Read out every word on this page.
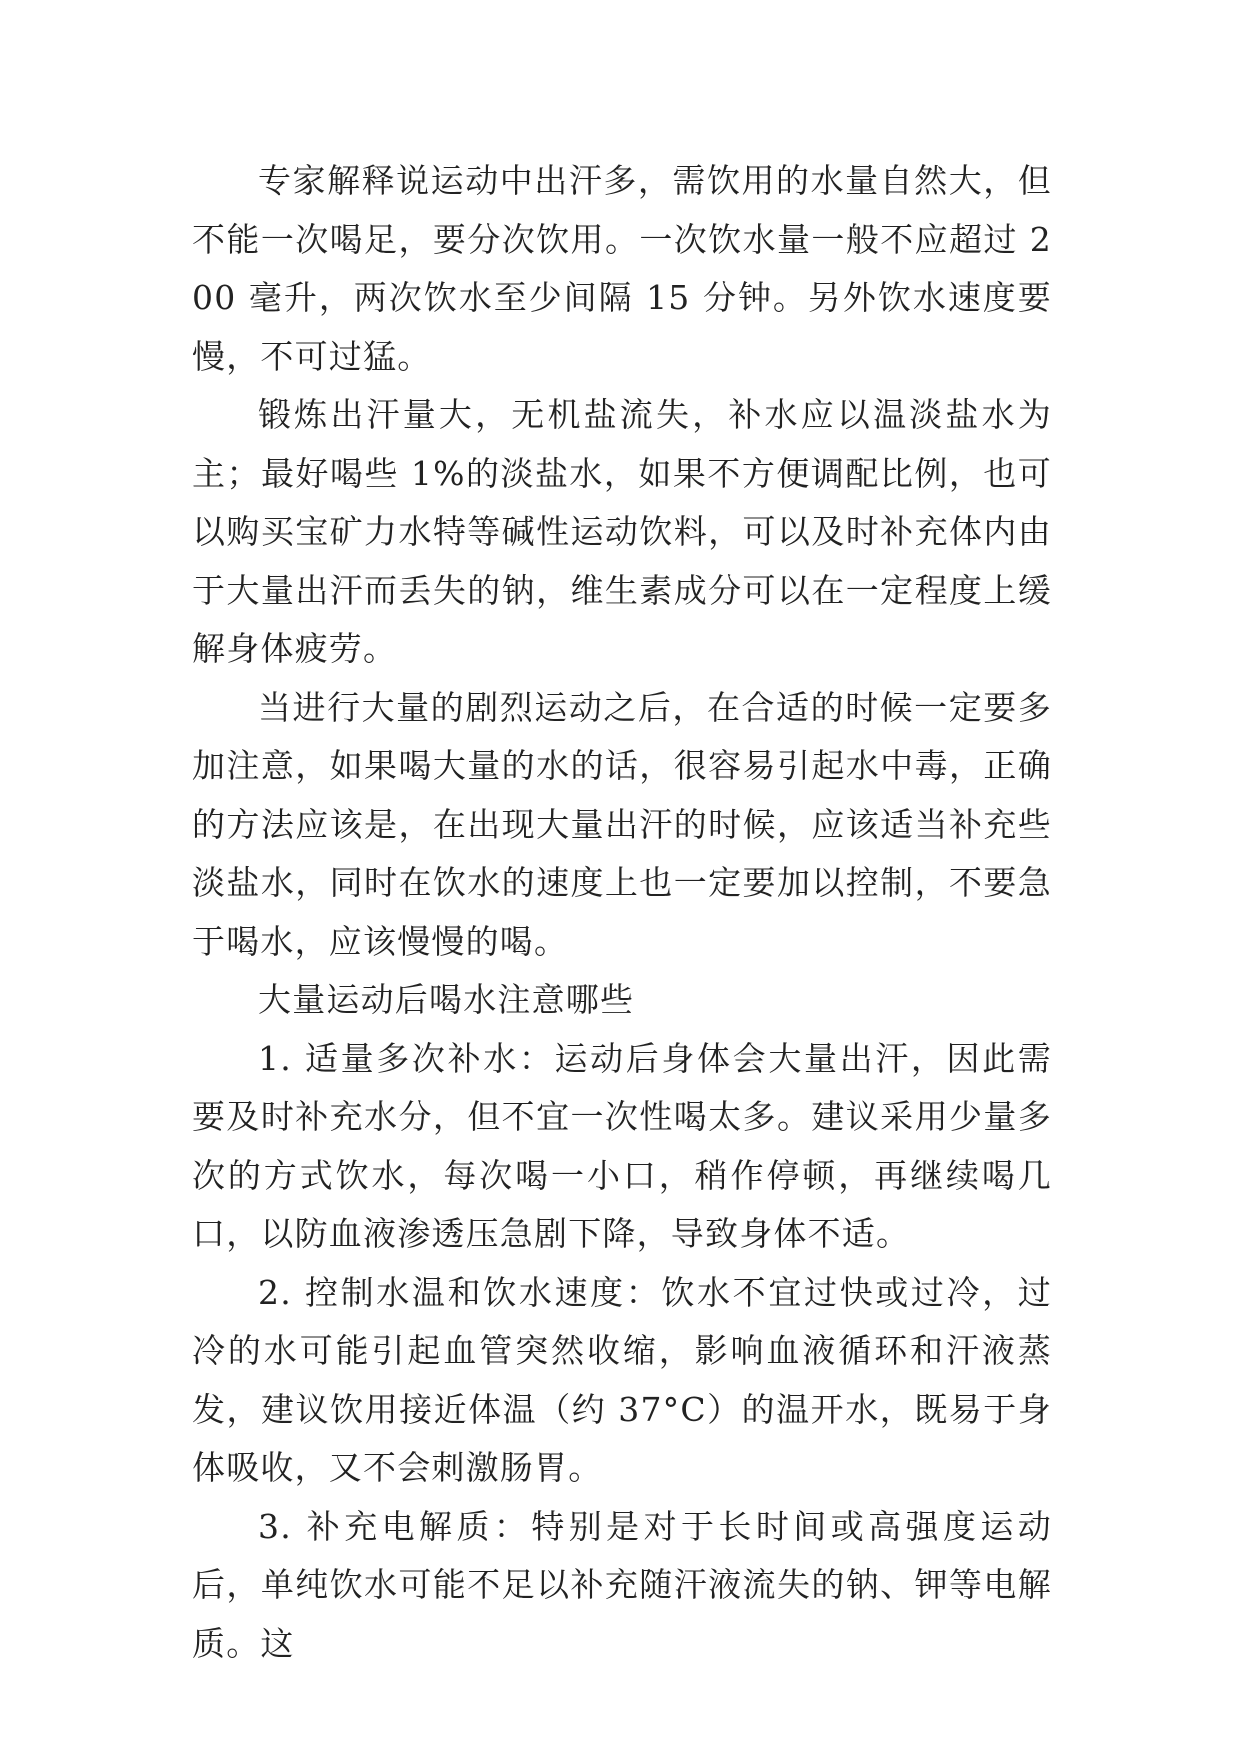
专家解释说运动中出汗多，需饮用的水量自然大，但不能一次喝足，要分次饮用。一次饮水量一般不应超过 200 毫升，两次饮水至少间隔 15 分钟。另外饮水速度要慢，不可过猛。

锻炼出汗量大，无机盐流失，补水应以温淡盐水为主；最好喝些 1%的淡盐水，如果不方便调配比例，也可以购买宝矿力水特等碱性运动饮料，可以及时补充体内由于大量出汗而丢失的钠，维生素成分可以在一定程度上缓解身体疲劳。

当进行大量的剧烈运动之后，在合适的时候一定要多加注意，如果喝大量的水的话，很容易引起水中毒，正确的方法应该是，在出现大量出汗的时候，应该适当补充些淡盐水，同时在饮水的速度上也一定要加以控制，不要急于喝水，应该慢慢的喝。

大量运动后喝水注意哪些

1. 适量多次补水：运动后身体会大量出汗，因此需要及时补充水分，但不宜一次性喝太多。建议采用少量多次的方式饮水，每次喝一小口，稍作停顿，再继续喝几口，以防血液渗透压急剧下降，导致身体不适。

2. 控制水温和饮水速度：饮水不宜过快或过冷，过冷的水可能引起血管突然收缩，影响血液循环和汗液蒸发，建议饮用接近体温（约 37°C）的温开水，既易于身体吸收，又不会刺激肠胃。

3. 补充电解质：特别是对于长时间或高强度运动后，单纯饮水可能不足以补充随汗液流失的钠、钾等电解质。这
